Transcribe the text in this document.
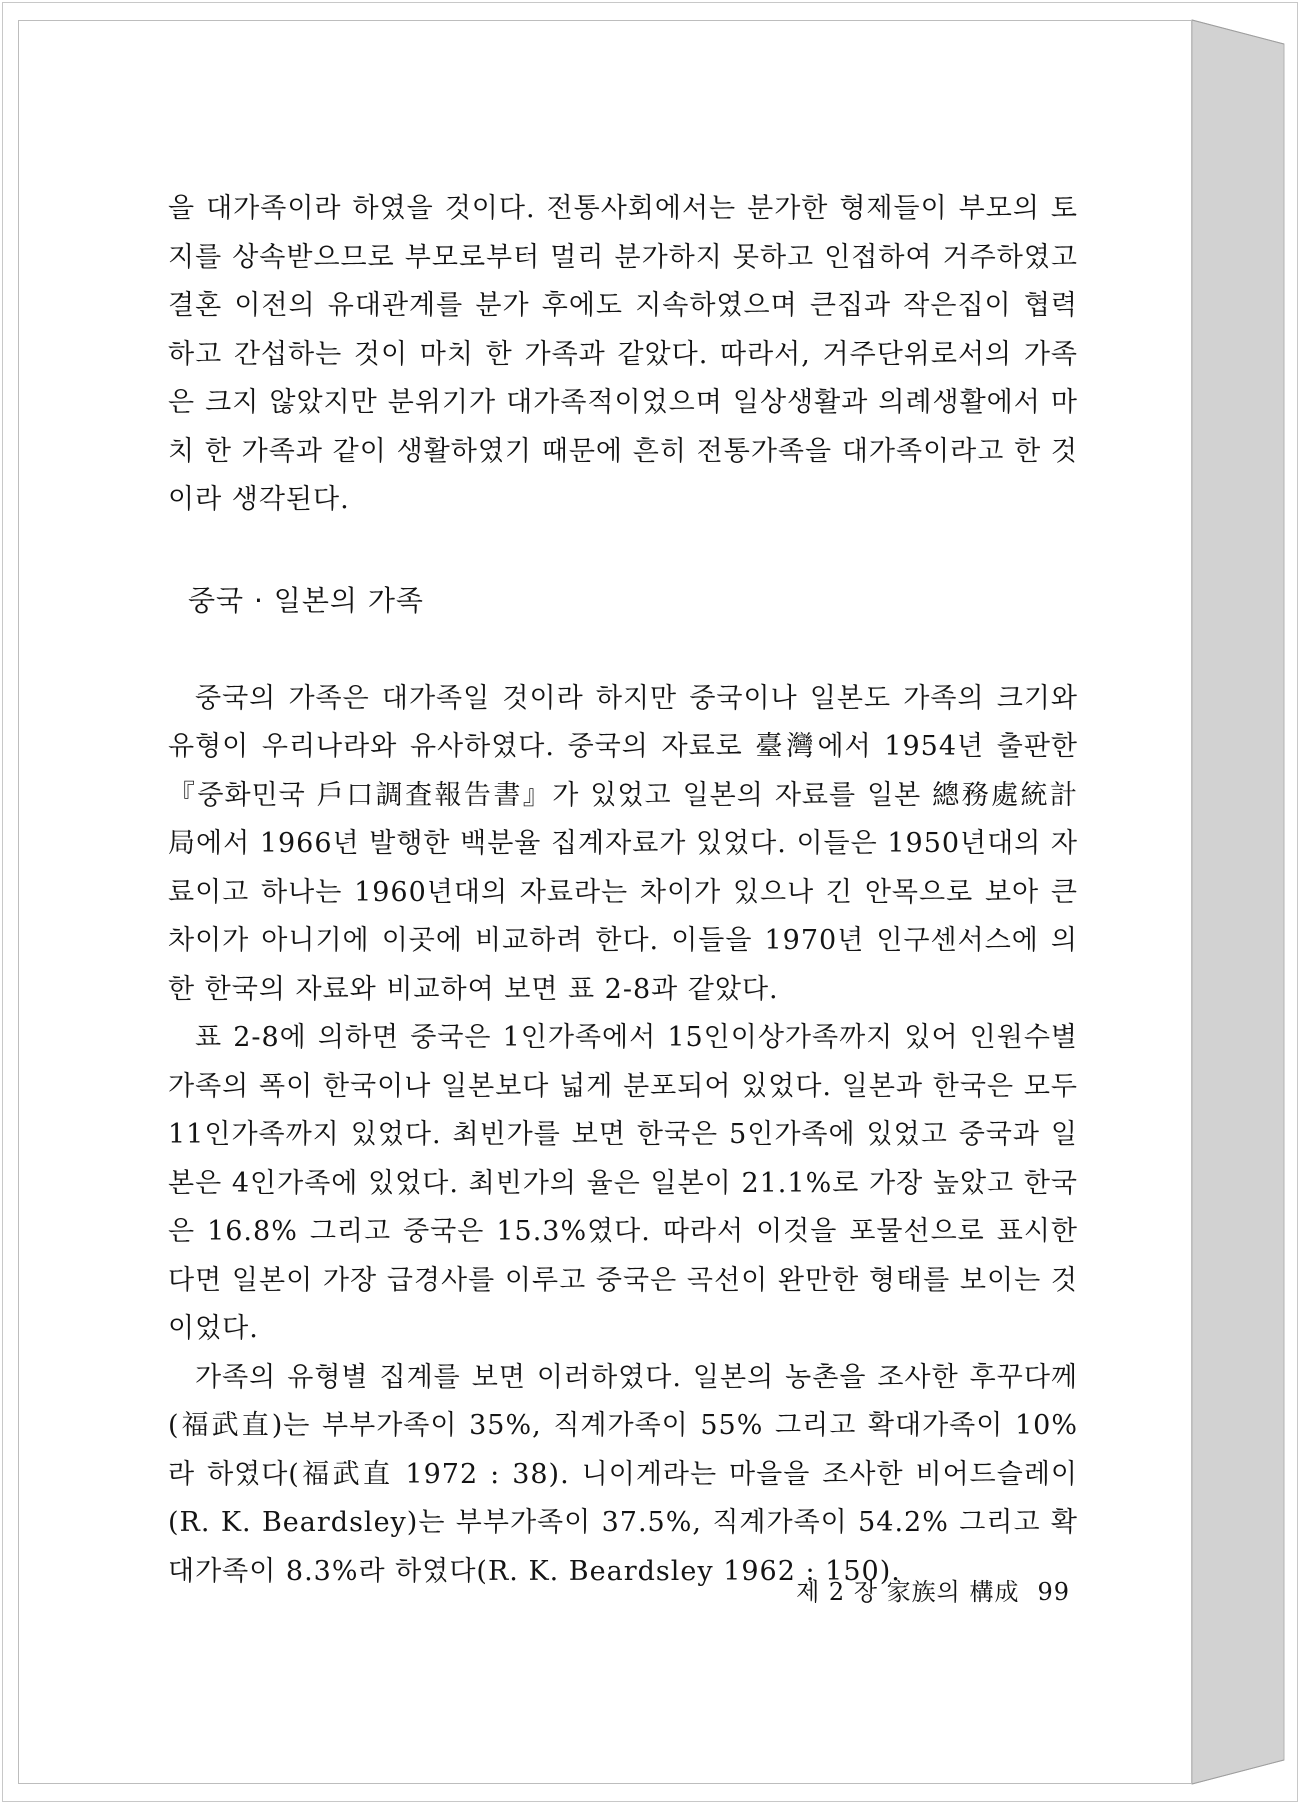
을 대가족이라 하였을 것이다. 전통사회에서는 분가한 형제들이 부모의 토지를 상속받으므로 부모로부터 멀리 분가하지 못하고 인접하여 거주하였고 결혼 이전의 유대관계를 분가 후에도 지속하였으며 큰집과 작은집이 협력하고 간섭하는 것이 마치 한 가족과 같았다. 따라서, 거주단위로서의 가족은 크지 않았지만 분위기가 대가족적이었으며 일상생활과 의례생활에서 마치 한 가족과 같이 생활하였기 때문에 흔히 전통가족을 대가족이라고 한 것이라 생각된다.

중국 · 일본의 가족

중국의 가족은 대가족일 것이라 하지만 중국이나 일본도 가족의 크기와 유형이 우리나라와 유사하였다. 중국의 자료로 臺灣에서 1954년 출판한 『중화민국 戶口調査報告書』가 있었고 일본의 자료를 일본 總務處統計局에서 1966년 발행한 백분율 집계자료가 있었다. 이들은 1950년대의 자료이고 하나는 1960년대의 자료라는 차이가 있으나 긴 안목으로 보아 큰 차이가 아니기에 이곳에 비교하려 한다. 이들을 1970년 인구센서스에 의한 한국의 자료와 비교하여 보면 표 2-8과 같았다.

표 2-8에 의하면 중국은 1인가족에서 15인이상가족까지 있어 인원수별 가족의 폭이 한국이나 일본보다 넓게 분포되어 있었다. 일본과 한국은 모두 11인가족까지 있었다. 최빈가를 보면 한국은 5인가족에 있었고 중국과 일본은 4인가족에 있었다. 최빈가의 율은 일본이 21.1%로 가장 높았고 한국은 16.8% 그리고 중국은 15.3%였다. 따라서 이것을 포물선으로 표시한다면 일본이 가장 급경사를 이루고 중국은 곡선이 완만한 형태를 보이는 것이었다.

가족의 유형별 집계를 보면 이러하였다. 일본의 농촌을 조사한 후꾸다께(福武直)는 부부가족이 35%, 직계가족이 55% 그리고 확대가족이 10%라 하였다(福武直 1972 : 38). 니이게라는 마을을 조사한 비어드슬레이(R. K. Beardsley)는 부부가족이 37.5%, 직계가족이 54.2% 그리고 확대가족이 8.3%라 하였다(R. K. Beardsley 1962 : 150).

제 2 장 家族의 構成 99
